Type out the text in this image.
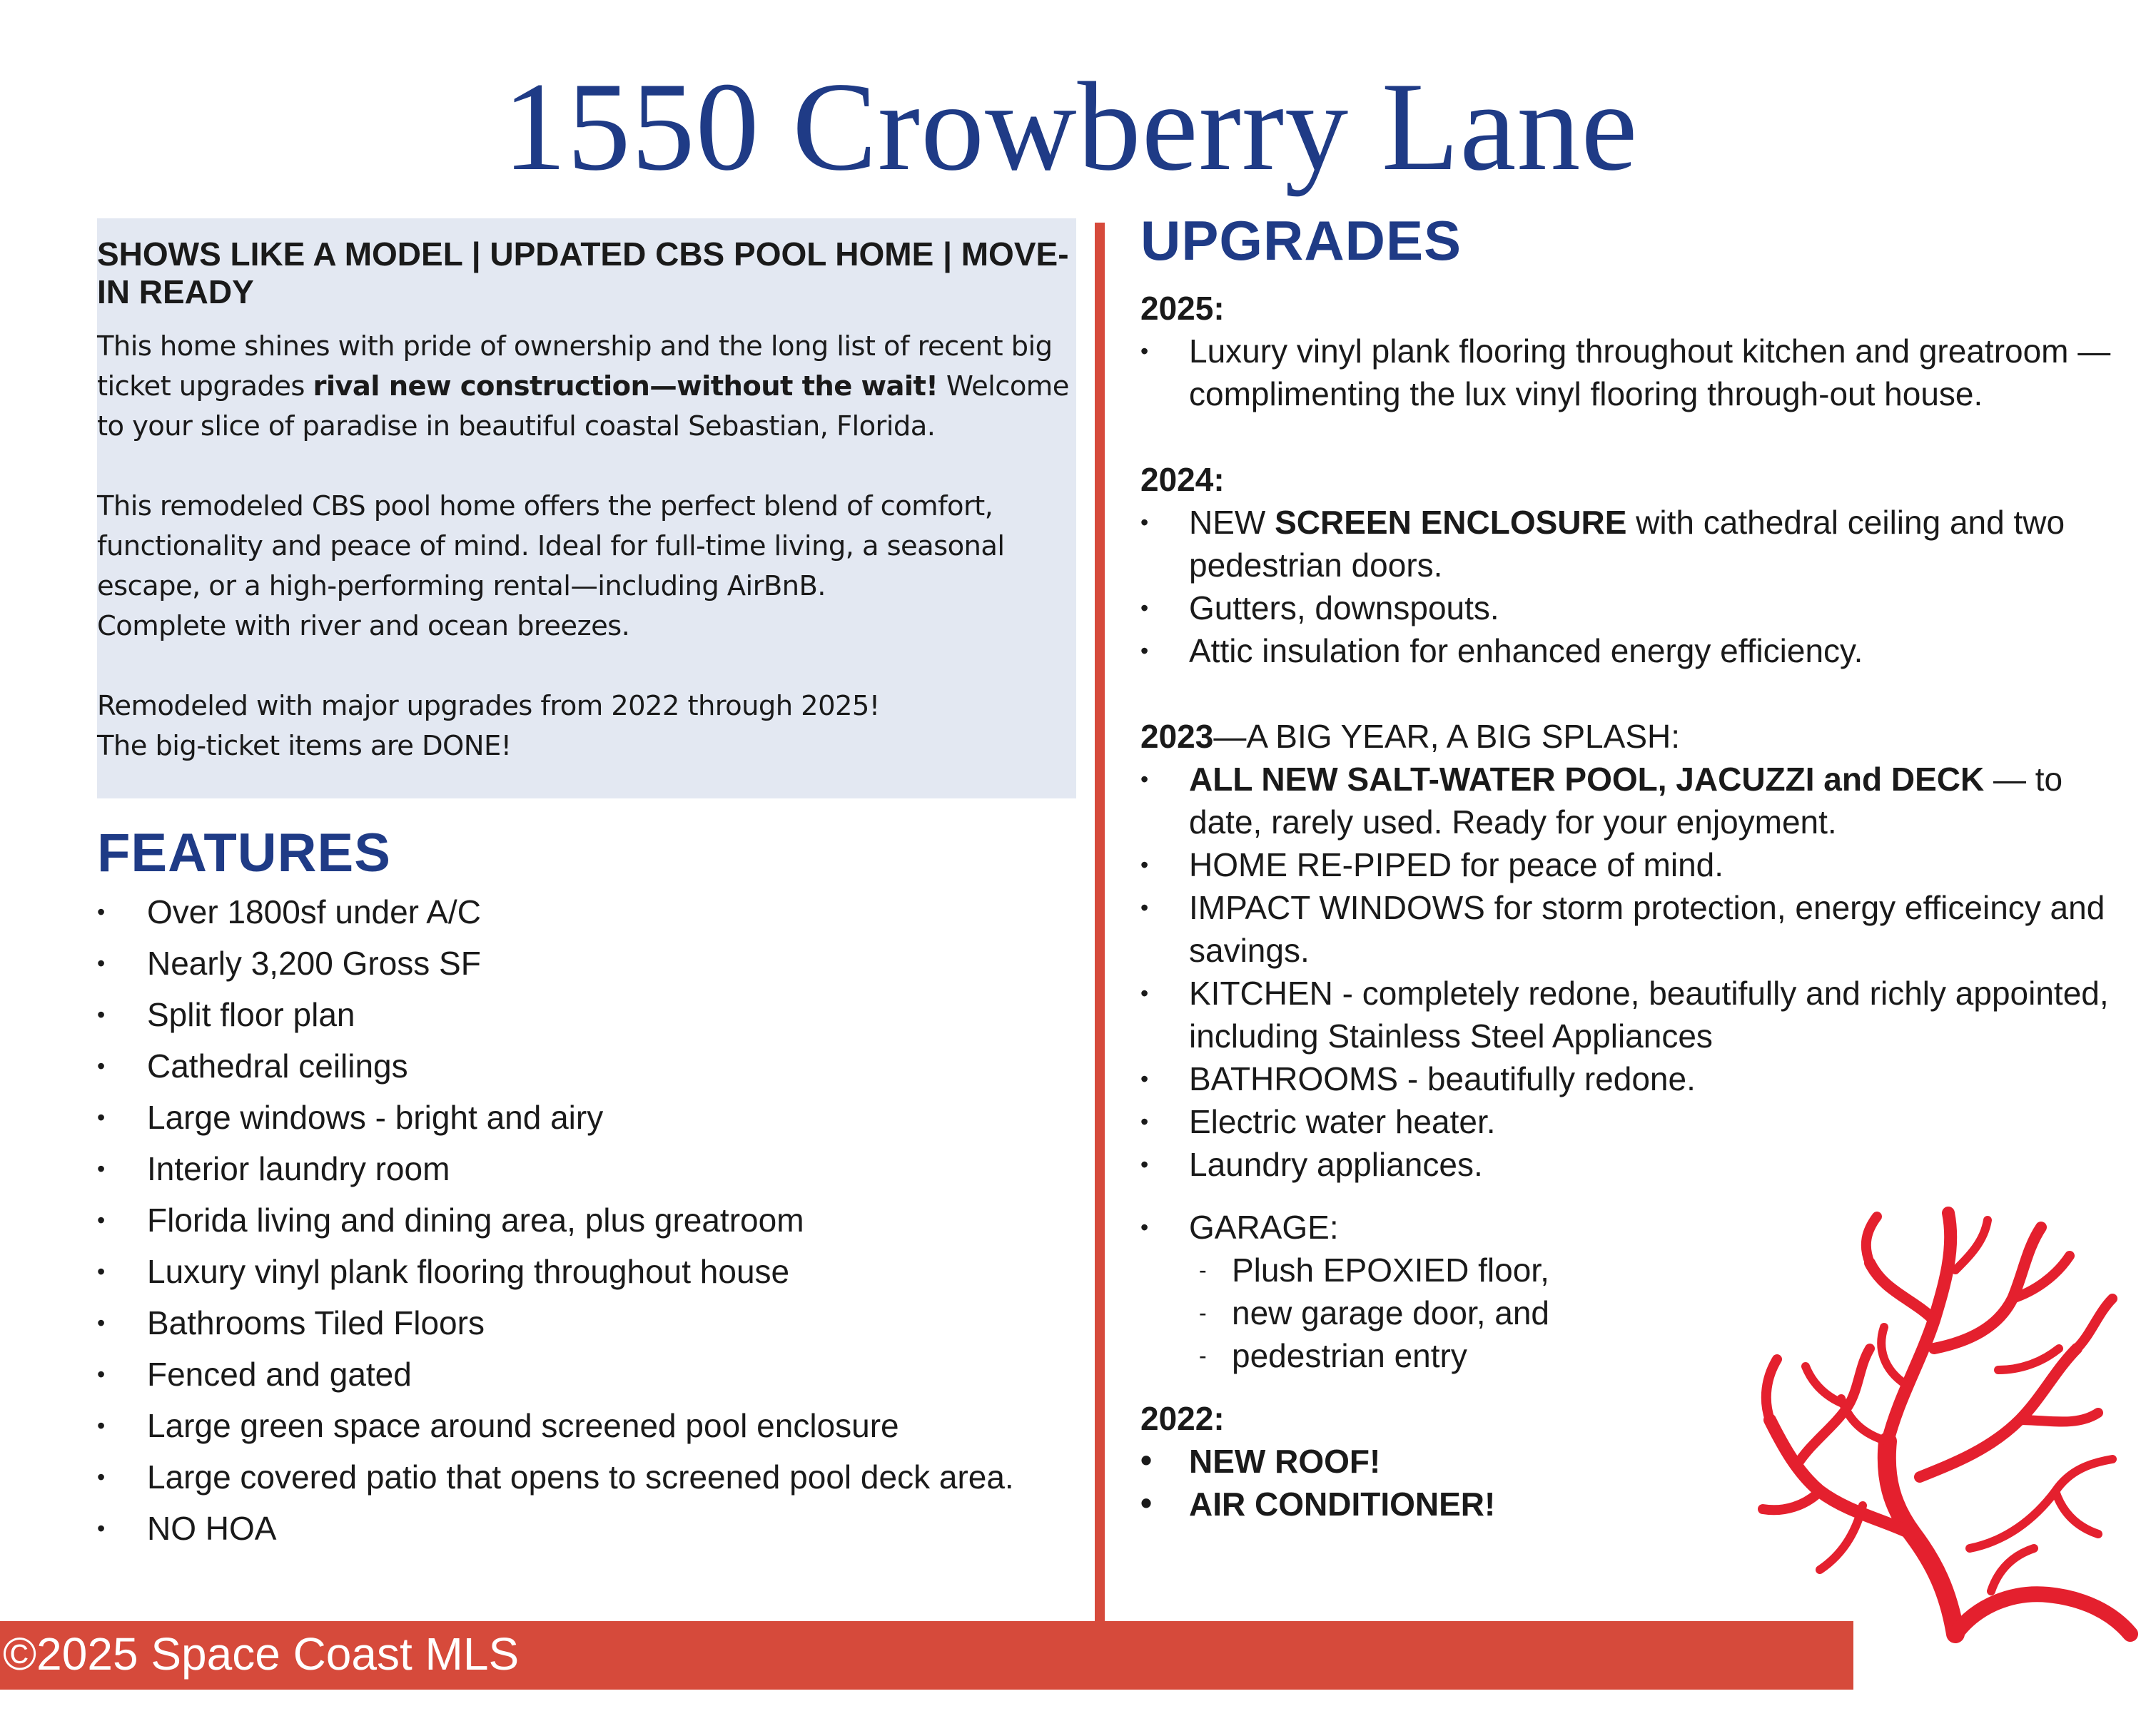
1550 Crowberry Lane
SHOWS LIKE A MODEL | UPDATED CBS POOL HOME | MOVE-IN READY

This home shines with pride of ownership and the long list of recent big ticket upgrades rival new construction—without the wait! Welcome to your slice of paradise in beautiful coastal Sebastian, Florida.

This remodeled CBS pool home offers the perfect blend of comfort, functionality and peace of mind. Ideal for full-time living, a seasonal escape, or a high-performing rental—including AirBnB.
Complete with river and ocean breezes.

Remodeled with major upgrades from 2022 through 2025!
The big-ticket items are DONE!

FEATURES
• Over 1800sf under A/C
• Nearly 3,200 Gross SF
• Split floor plan
• Cathedral ceilings
• Large windows - bright and airy
• Interior laundry room
• Florida living and dining area, plus greatroom
• Luxury vinyl plank flooring throughout house
• Bathrooms Tiled Floors
• Fenced and gated
• Large green space around screened pool enclosure
• Large covered patio that opens to screened pool deck area.
• NO HOA
UPGRADES

2025:

• Luxury vinyl plank flooring throughout kitchen and greatroom —complimenting the lux vinyl flooring through-out house.

2024:

• NEW SCREEN ENCLOSURE with cathedral ceiling and two pedestrian doors.
• Gutters, downspouts.
• Attic insulation for enhanced energy efficiency.

2023—A BIG YEAR, A BIG SPLASH:

• ALL NEW SALT-WATER POOL, JACUZZI and DECK — to date, rarely used. Ready for your enjoyment.
• HOME RE-PIPED for peace of mind.
• IMPACT WINDOWS for storm protection, energy efficeincy and savings.
• KITCHEN - completely redone, beautifully and richly appointed, including Stainless Steel Appliances
• BATHROOMS - beautifully redone.
• Electric water heater.
• Laundry appliances.
• GARAGE:
- Plush EPOXIED floor,
- new garage door, and
- pedestrian entry

2022:

• NEW ROOF!
• AIR CONDITIONER!
©2025 Space Coast MLS
